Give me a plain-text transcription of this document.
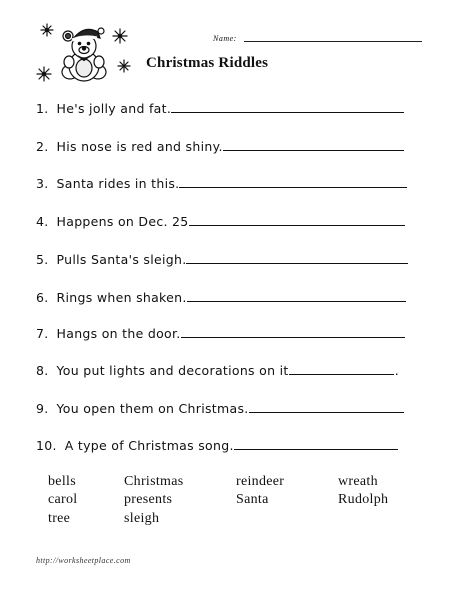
Name:
Christmas Riddles
1. He's jolly and fat.
2. His nose is red and shiny.
3. Santa rides in this.
4. Happens on Dec. 25
5. Pulls Santa's sleigh.
6. Rings when shaken.
7. Hangs on the door.
8. You put lights and decorations on it	.
9. You open them on Christmas.
10. A type of Christmas song.
bells	Christmas	reindeer	wreath
carol	presents	Santa	Rudolph
tree	sleigh
http://worksheetplace.com
